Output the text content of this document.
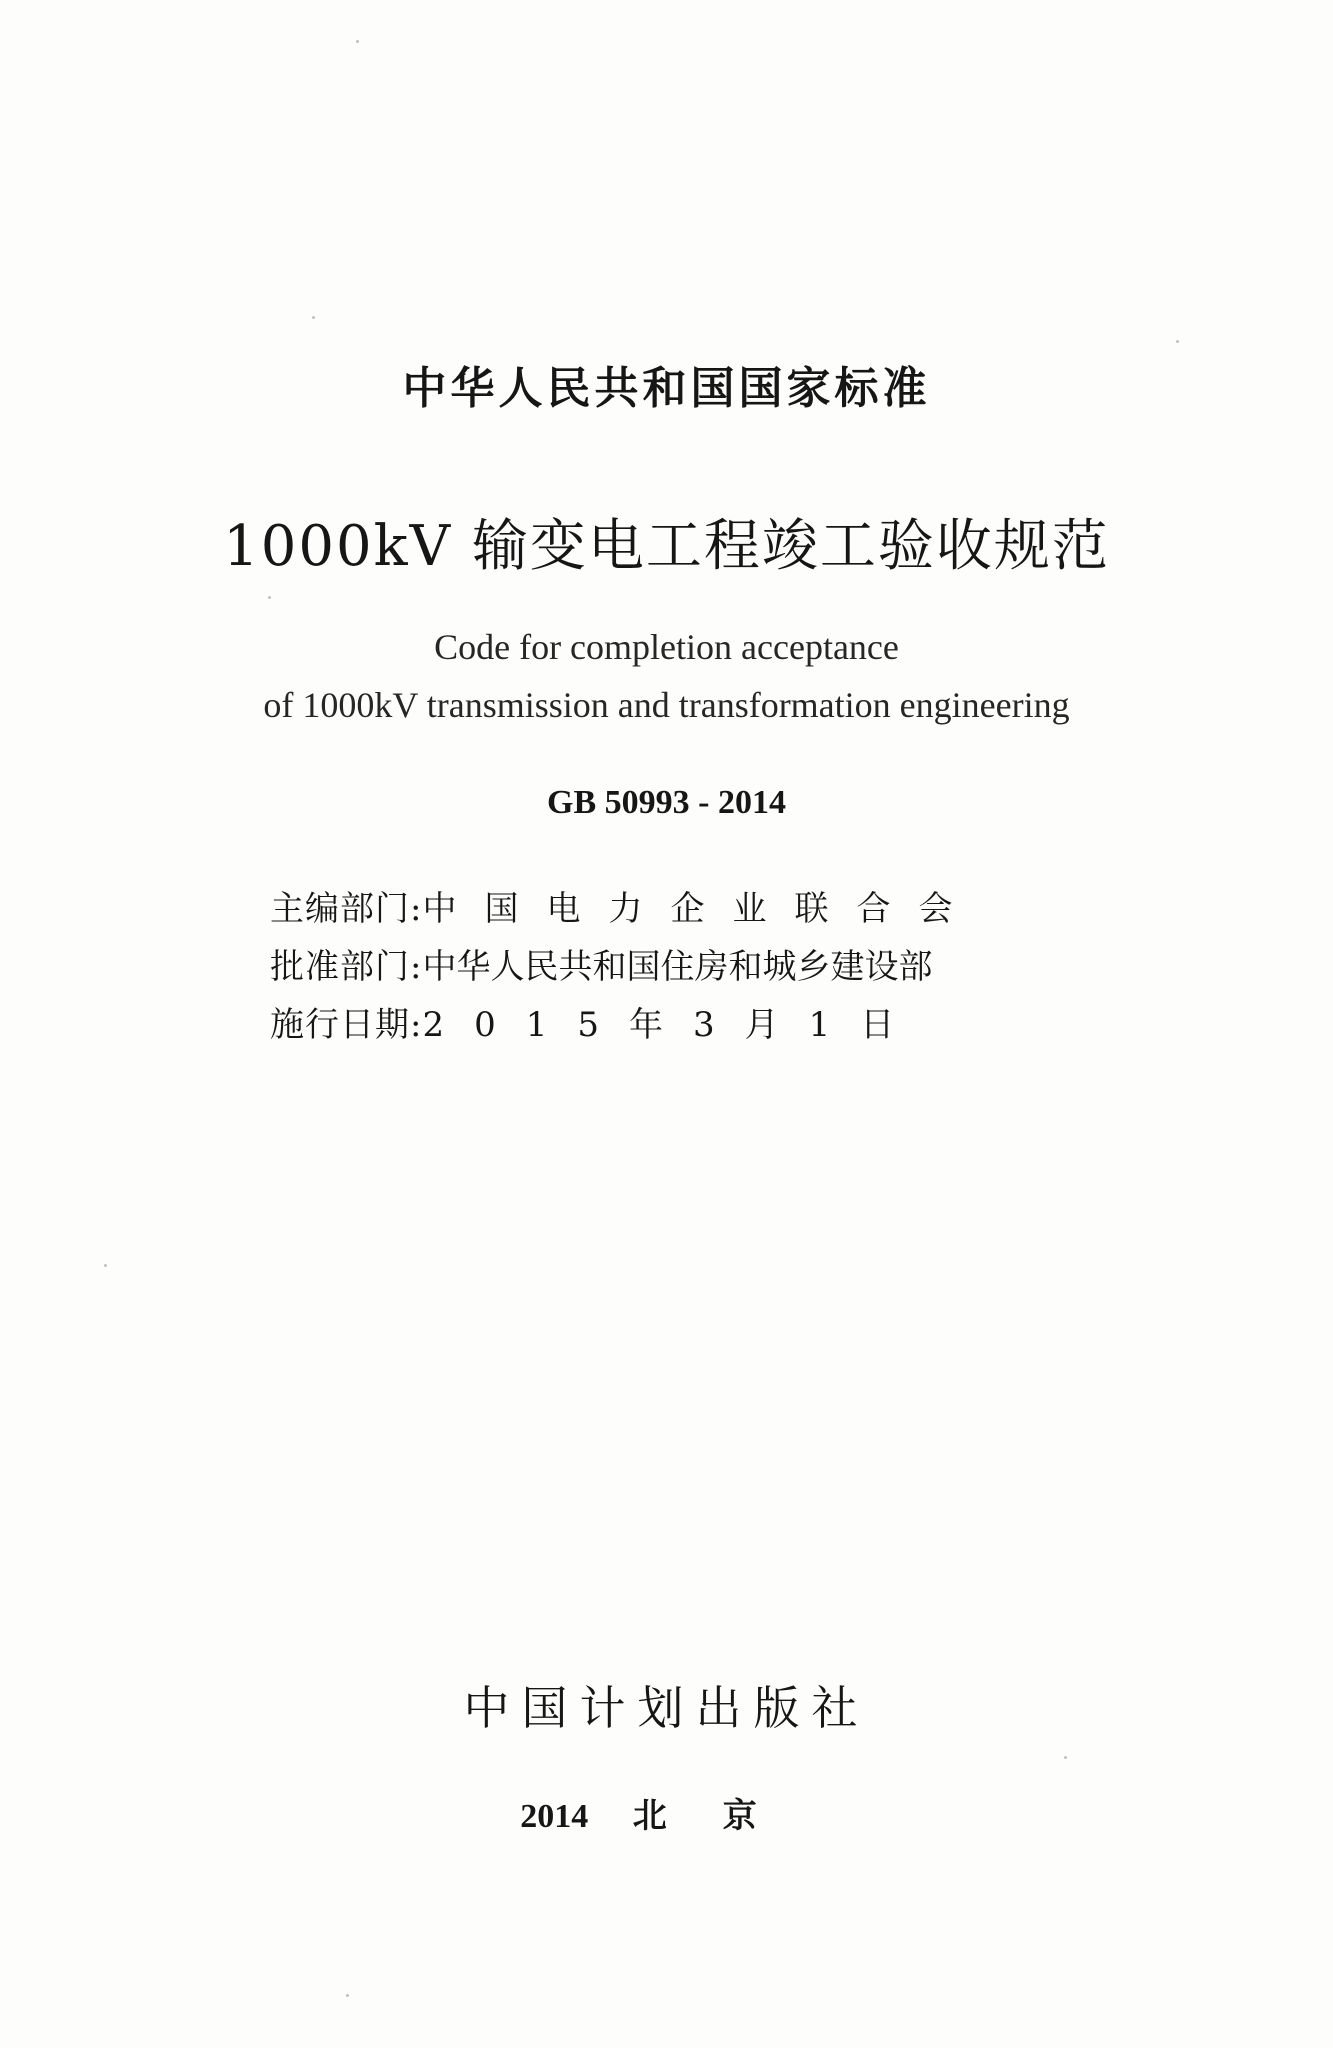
中华人民共和国国家标准
1000kV 输变电工程竣工验收规范
Code for completion acceptance
of 1000kV transmission and transformation engineering
GB 50993 - 2014
主编部门: 中国电力企业联合会
批准部门: 中华人民共和国住房和城乡建设部
施行日期: 2015年3月1日
中国计划出版社
2014 北京
